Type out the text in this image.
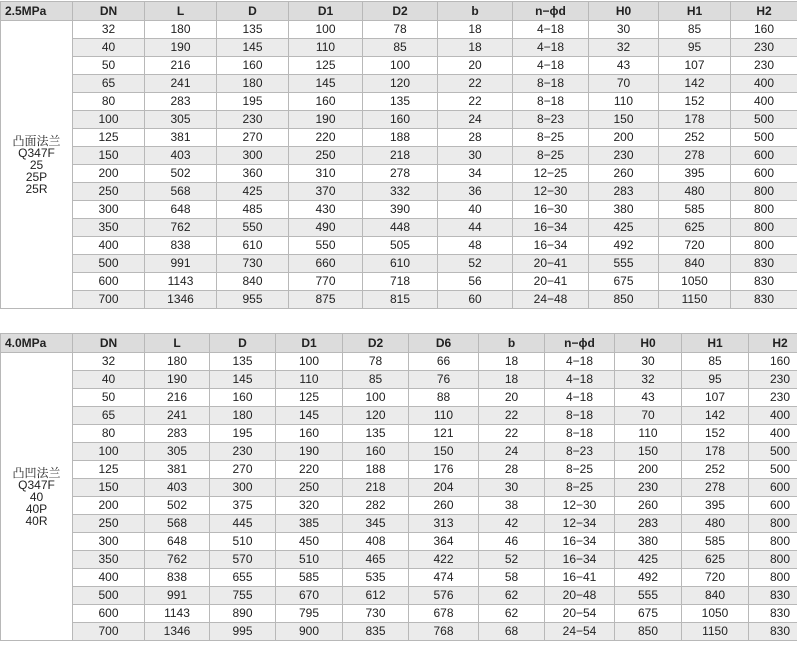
2.5MPa	DN	L	D	D1	D2	b	n−ϕd	H0	H1	H2

凸面法兰
Q347F
25
25P
25R	32	180	135	100	78	18	4−18	30	85	160
	40	190	145	110	85	18	4−18	32	95	230
	50	216	160	125	100	20	4−18	43	107	230
	65	241	180	145	120	22	8−18	70	142	400
	80	283	195	160	135	22	8−18	110	152	400
	100	305	230	190	160	24	8−23	150	178	500
	125	381	270	220	188	28	8−25	200	252	500
	150	403	300	250	218	30	8−25	230	278	600
	200	502	360	310	278	34	12−25	260	395	600
	250	568	425	370	332	36	12−30	283	480	800
	300	648	485	430	390	40	16−30	380	585	800
	350	762	550	490	448	44	16−34	425	625	800
	400	838	610	550	505	48	16−34	492	720	800
	500	991	730	660	610	52	20−41	555	840	830
	600	1143	840	770	718	56	20−41	675	1050	830
	700	1346	955	875	815	60	24−48	850	1150	830
4.0MPa	DN	L	D	D1	D2	D6	b	n−ϕd	H0	H1	H2

凸凹法兰
Q347F
40
40P
40R	32	180	135	100	78	66	18	4−18	30	85	160
	40	190	145	110	85	76	18	4−18	32	95	230
	50	216	160	125	100	88	20	4−18	43	107	230
	65	241	180	145	120	110	22	8−18	70	142	400
	80	283	195	160	135	121	22	8−18	110	152	400
	100	305	230	190	160	150	24	8−23	150	178	500
	125	381	270	220	188	176	28	8−25	200	252	500
	150	403	300	250	218	204	30	8−25	230	278	600
	200	502	375	320	282	260	38	12−30	260	395	600
	250	568	445	385	345	313	42	12−34	283	480	800
	300	648	510	450	408	364	46	16−34	380	585	800
	350	762	570	510	465	422	52	16−34	425	625	800
	400	838	655	585	535	474	58	16−41	492	720	800
	500	991	755	670	612	576	62	20−48	555	840	830
	600	1143	890	795	730	678	62	20−54	675	1050	830
	700	1346	995	900	835	768	68	24−54	850	1150	830
